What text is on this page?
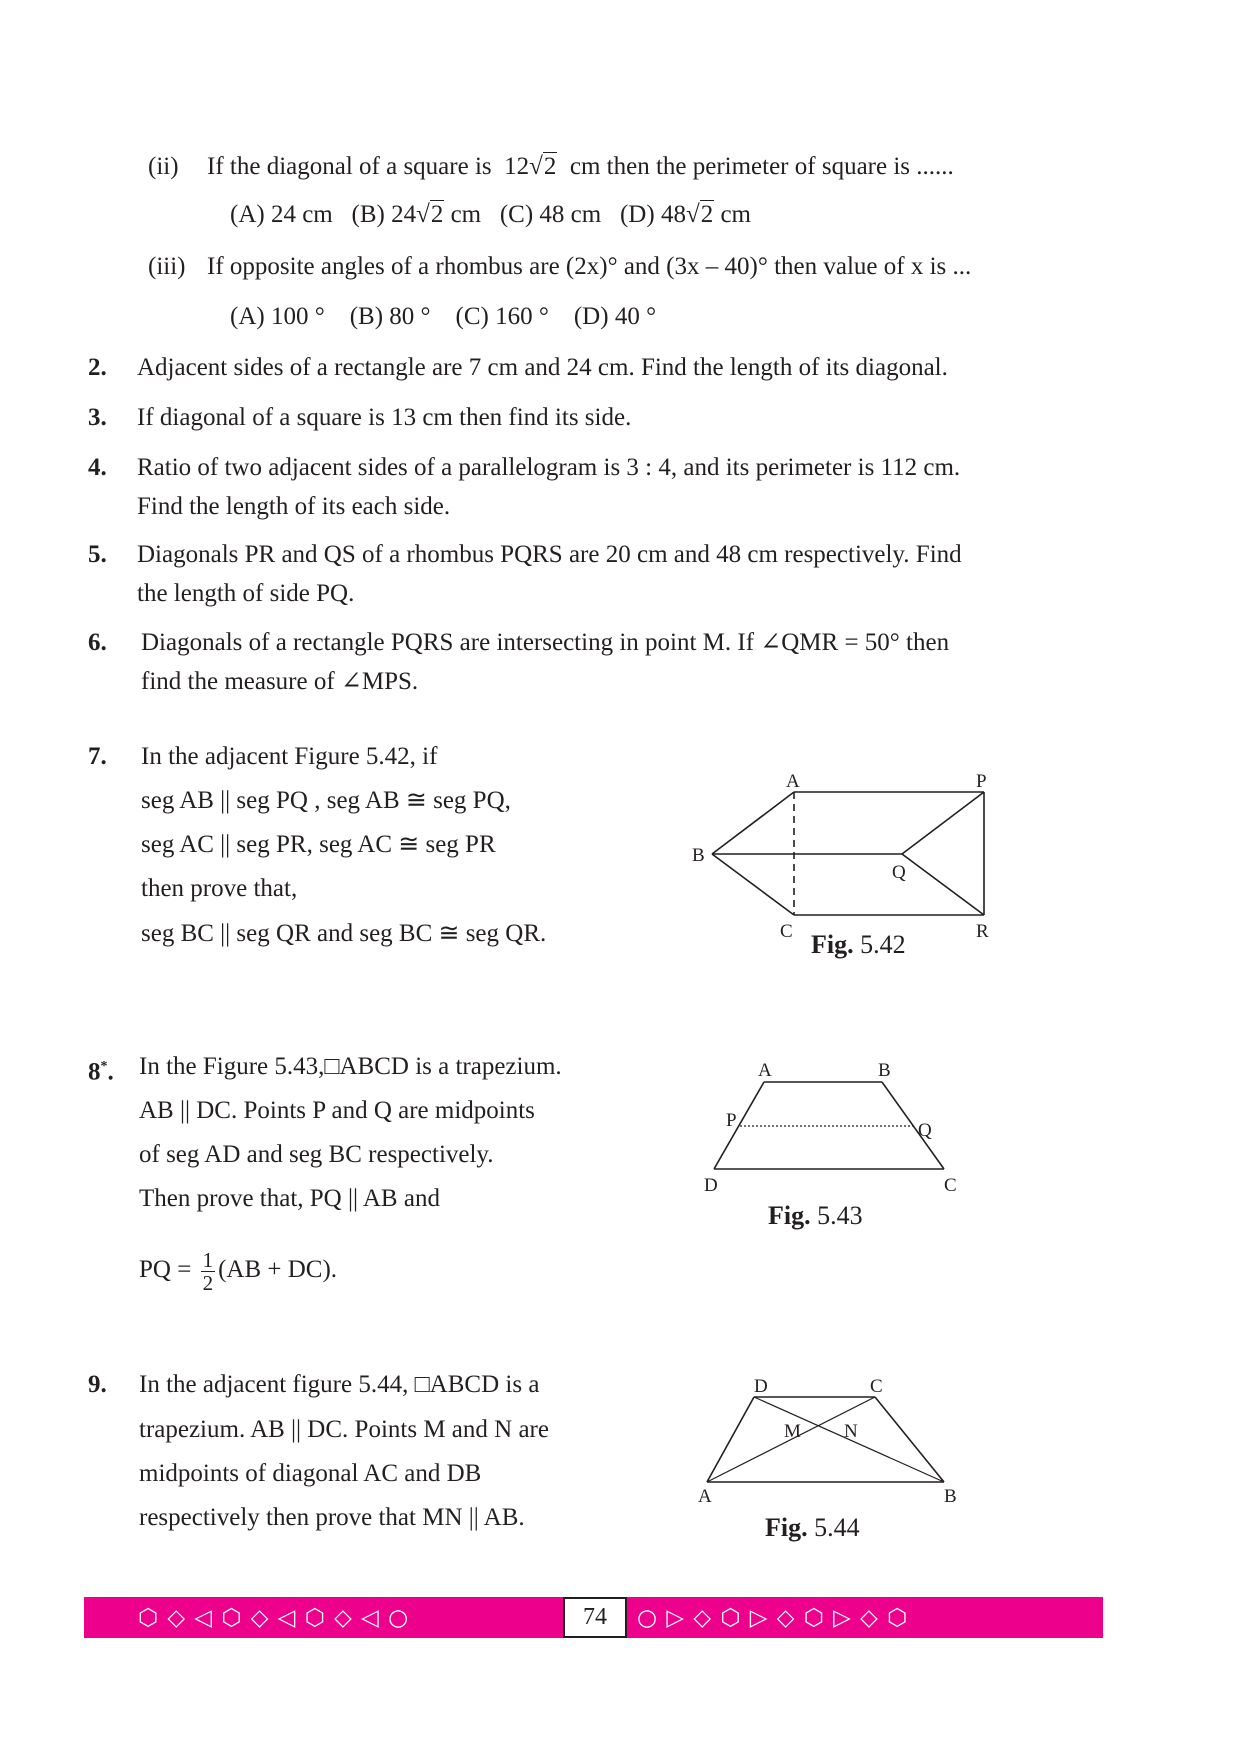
(ii) If the diagonal of a square is 12√2 cm then the perimeter of square is ......
(A) 24 cm (B) 24√2 cm (C) 48 cm (D) 48√2 cm
(iii) If opposite angles of a rhombus are (2x)° and (3x – 40)° then value of x is ...
(A) 100 ° (B) 80 ° (C) 160 ° (D) 40 °
2. Adjacent sides of a rectangle are 7 cm and 24 cm. Find the length of its diagonal.
3. If diagonal of a square is 13 cm then find its side.
4. Ratio of two adjacent sides of a parallelogram is 3 : 4, and its perimeter is 112 cm.
Find the length of its each side.
5. Diagonals PR and QS of a rhombus PQRS are 20 cm and 48 cm respectively. Find
the length of side PQ.
6. Diagonals of a rectangle PQRS are intersecting in point M. If ∠QMR = 50° then
find the measure of ∠MPS.
7. In the adjacent Figure 5.42, if
seg AB || seg PQ , seg AB ≅ seg PQ,
seg AC || seg PR, seg AC ≅ seg PR
then prove that,
seg BC || seg QR and seg BC ≅ seg QR.
A	P
B
Q
C	R
Fig. 5.42
8*. In the Figure 5.43,□ABCD is a trapezium.
AB || DC. Points P and Q are midpoints
of seg AD and seg BC respectively.
Then prove that, PQ || AB and
PQ = $\frac{1}{2} (AB + DC)$.
A	B
P	Q
D	C
Fig. 5.43
9. In the adjacent figure 5.44, □ABCD is a
trapezium. AB || DC. Points M and N are
midpoints of diagonal AC and DB
respectively then prove that MN || AB.
D	C
M N
A	B
Fig. 5.44
⬡ ◇ ◁ ⬡ ◇ ◁ ⬡ ◇ ◁ ○	74	○ ▷ ◇ ⬡ ▷ ◇ ⬡ ▷ ◇ ⬡
